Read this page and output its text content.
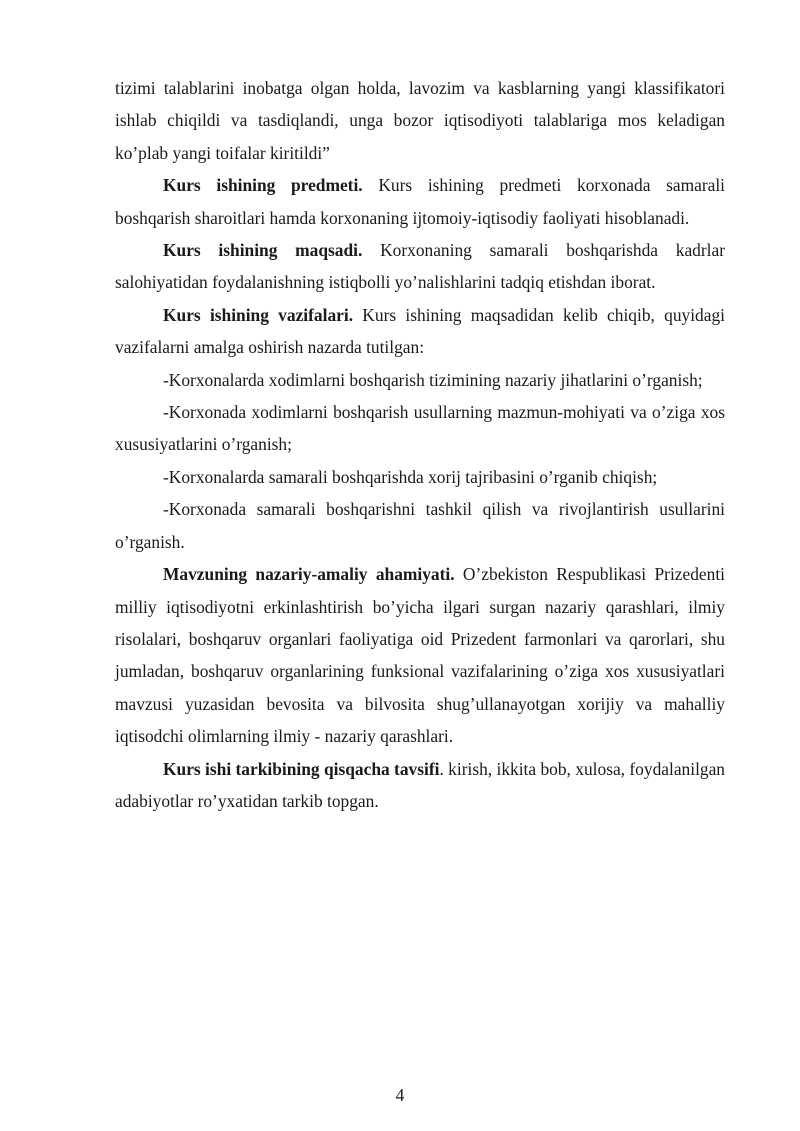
tizimi talablarini inobatga olgan holda, lavozim va kasblarning yangi klassifikatori ishlab chiqildi va tasdiqlandi, unga bozor iqtisodiyoti talablariga mos keladigan ko’plab yangi toifalar kiritildi”

Kurs ishining predmeti. Kurs ishining predmeti korxonada samarali boshqarish sharoitlari hamda korxonaning ijtomoiy-iqtisodiy faoliyati hisoblanadi.

Kurs ishining maqsadi. Korxonaning samarali boshqarishda kadrlar salohiyatidan foydalanishning istiqbolli yo’nalishlarini tadqiq etishdan iborat.

Kurs ishining vazifalari. Kurs ishining maqsadidan kelib chiqib, quyidagi vazifalarni amalga oshirish nazarda tutilgan:

-Korxonalarda xodimlarni boshqarish tizimining nazariy jihatlarini o’rganish;

-Korxonada xodimlarni boshqarish usullarning mazmun-mohiyati va o’ziga xos xususiyatlarini o’rganish;

-Korxonalarda samarali boshqarishda xorij tajribasini o’rganib chiqish;

-Korxonada samarali boshqarishni tashkil qilish va rivojlantirish usullarini o’rganish.

Mavzuning nazariy-amaliy ahamiyati. O’zbekiston Respublikasi Prizedenti milliy iqtisodiyotni erkinlashtirish bo’yicha ilgari surgan nazariy qarashlari, ilmiy risolalari, boshqaruv organlari faoliyatiga oid Prizedent farmonlari va qarorlari, shu jumladan, boshqaruv organlarining funksional vazifalarining o’ziga xos xususiyatlari mavzusi yuzasidan bevosita va bilvosita shug’ullanayotgan xorijiy va mahalliy iqtisodchi olimlarning ilmiy - nazariy qarashlari.

Kurs ishi tarkibining qisqacha tavsifi. kirish, ikkita bob, xulosa, foydalanilgan adabiyotlar ro’yxatidan tarkib topgan.

4
